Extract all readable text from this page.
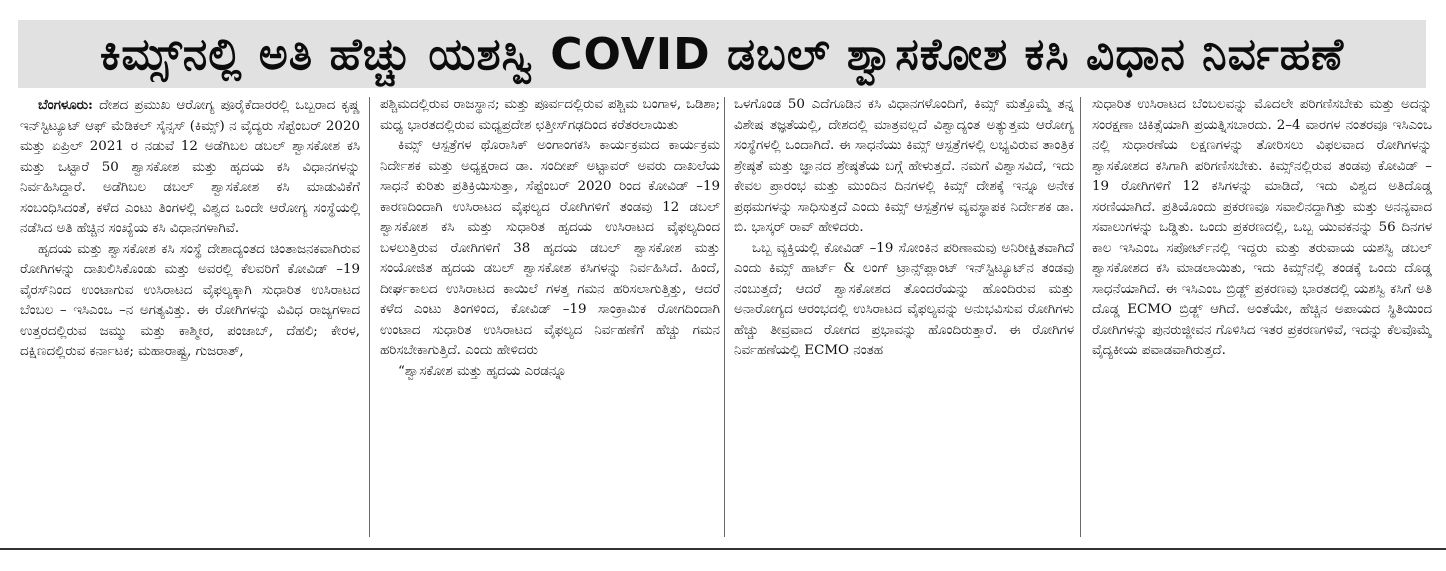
ಕಿಮ್ಸ್‌ನಲ್ಲಿ ಅತಿ ಹೆಚ್ಚು ಯಶಸ್ವಿ COVID ಡಬಲ್ ಶ್ವಾಸಕೋಶ ಕಸಿ ವಿಧಾನ ನಿರ್ವಹಣೆ

ಬೆಂಗಳೂರು: ದೇಶದ ಪ್ರಮುಖ ಆರೋಗ್ಯ ಪೂರೈಕೆದಾರರಲ್ಲಿ ಒಬ್ಬರಾದ ಕೃಷ್ಣ ಇನ್‌ಸ್ಟಿಟ್ಯೂಟ್ ಆಫ್ ಮೆಡಿಕಲ್ ಸೈನ್ಸಸ್ (ಕಿಮ್ಸ್) ನ ವೈದ್ಯರು ಸೆಪ್ಟೆಂಬರ್ 2020 ಮತ್ತು ಏಪ್ರಿಲ್ 2021 ರ ನಡುವೆ 12 ಅಡೆಗಿಬಲ ಡಬಲ್ ಶ್ವಾಸಕೋಶ ಕಸಿ ಮತ್ತು ಒಟ್ಟಾರೆ 50 ಶ್ವಾಸಕೋಶ ಮತ್ತು ಹೃದಯ ಕಸಿ ವಿಧಾನಗಳನ್ನು ನಿರ್ವಹಿಸಿದ್ದಾರೆ. ಅಡೆಗಿಬಲ ಡಬಲ್ ಶ್ವಾಸಕೋಶ ಕಸಿ ಮಾಡುವಿಕೆಗೆ ಸಂಬಂಧಿಸಿದಂತೆ, ಕಳೆದ ಎಂಟು ತಿಂಗಳಲ್ಲಿ ವಿಶ್ವದ ಒಂದೇ ಆರೋಗ್ಯ ಸಂಸ್ಥೆಯಲ್ಲಿ ನಡೆಸಿದ ಅತಿ ಹೆಚ್ಚಿನ ಸಂಖ್ಯೆಯ ಕಸಿ ವಿಧಾನಗಳಾಗಿವೆ.

ಹೃದಯ ಮತ್ತು ಶ್ವಾಸಕೋಶ ಕಸಿ ಸಂಸ್ಥೆ ದೇಶಾದ್ಯಂತದ ಚಿಂತಾಜನಕವಾಗಿರುವ ರೋಗಿಗಳನ್ನು ದಾಖಲಿಸಿಕೊಂಡು ಮತ್ತು ಅವರಲ್ಲಿ ಕೆಲವರಿಗೆ ಕೋವಿಡ್ –19 ವೈರಸ್‌ನಿಂದ ಉಂಟಾಗುವ ಉಸಿರಾಟದ ವೈಫಲ್ಯಕ್ಕಾಗಿ ಸುಧಾರಿತ ಉಸಿರಾಟದ ಬೆಂಬಲ – ಇಸಿಎಂಒ –ನ ಅಗತ್ಯವಿತ್ತು. ಈ ರೋಗಿಗಳನ್ನು ವಿವಿಧ ರಾಜ್ಯಗಳಾದ ಉತ್ತರದಲ್ಲಿರುವ ಜಮ್ಮು ಮತ್ತು ಕಾಶ್ಮೀರ, ಪಂಜಾಬ್, ದೆಹಲಿ; ಕೇರಳ, ದಕ್ಷಿಣದಲ್ಲಿರುವ ಕರ್ನಾಟಕ; ಮಹಾರಾಷ್ಟ್ರ, ಗುಜರಾತ್,

ಪಶ್ಚಿಮದಲ್ಲಿರುವ ರಾಜಸ್ಥಾನ; ಮತ್ತು ಪೂರ್ವದಲ್ಲಿರುವ ಪಶ್ಚಿಮ ಬಂಗಾಳ, ಒಡಿಶಾ; ಮಧ್ಯ ಭಾರತದಲ್ಲಿರುವ ಮಧ್ಯಪ್ರದೇಶ ಛತ್ತೀಸ್‌ಗಢದಿಂದ ಕರೆತರಲಾಯಿತು

ಕಿಮ್ಸ್ ಆಸ್ಪತ್ರೆಗಳ ಥೊರಾಸಿಕ್ ಅಂಗಾಂಗಕಸಿ ಕಾರ್ಯಕ್ರಮದ ಕಾರ್ಯಕ್ರಮ ನಿರ್ದೇಶಕ ಮತ್ತು ಅಧ್ಯಕ್ಷರಾದ ಡಾ. ಸಂದೀಪ್ ಅಟ್ಟಾವರ್ ಅವರು ದಾಖಲೆಯ ಸಾಧನೆ ಕುರಿತು ಪ್ರತಿಕ್ರಿಯಿಸುತ್ತಾ, ಸೆಪ್ಟೆಂಬರ್ 2020 ರಿಂದ ಕೋವಿಡ್ –19 ಕಾರಣದಿಂದಾಗಿ ಉಸಿರಾಟದ ವೈಫಲ್ಯದ ರೋಗಿಗಳಿಗೆ ತಂಡವು 12 ಡಬಲ್ ಶ್ವಾಸಕೋಶ ಕಸಿ ಮತ್ತು ಸುಧಾರಿತ ಹೃದಯ ಉಸಿರಾಟದ ವೈಫಲ್ಯದಿಂದ ಬಳಲುತ್ತಿರುವ ರೋಗಿಗಳಿಗೆ 38 ಹೃದಯ ಡಬಲ್ ಶ್ವಾಸಕೋಶ ಮತ್ತು ಸಂಯೋಜಿತ ಹೃದಯ ಡಬಲ್ ಶ್ವಾಸಕೋಶ ಕಸಿಗಳನ್ನು ನಿರ್ವಹಿಸಿದೆ. ಹಿಂದೆ, ದೀರ್ಘಕಾಲದ ಉಸಿರಾಟದ ಕಾಯಿಲೆ ಗಳತ್ತ ಗಮನ ಹರಿಸಲಾಗುತ್ತಿತ್ತು, ಆದರೆ ಕಳೆದ ಎಂಟು ತಿಂಗಳಿಂದ, ಕೋವಿಡ್ –19 ಸಾಂಕ್ರಾಮಿಕ ರೋಗದಿಂದಾಗಿ ಉಂಟಾದ ಸುಧಾರಿತ ಉಸಿರಾಟದ ವೈಫಲ್ಯದ ನಿರ್ವಹಣೆಗೆ ಹೆಚ್ಚು ಗಮನ ಹರಿಸಬೇಕಾಗುತ್ತಿದೆ. ಎಂದು ಹೇಳಿದರು

“ಶ್ವಾಸಕೋಶ ಮತ್ತು ಹೃದಯ ಎರಡನ್ನೂ

ಒಳಗೊಂಡ 50 ಎದೆಗೂಡಿನ ಕಸಿ ವಿಧಾನಗಳೊಂದಿಗೆ, ಕಿಮ್ಸ್ ಮತ್ತೊಮ್ಮೆ ತನ್ನ ವಿಶೇಷ ತಜ್ಞತೆಯಲ್ಲಿ, ದೇಶದಲ್ಲಿ ಮಾತ್ರವಲ್ಲದೆ ವಿಶ್ವಾದ್ಯಂತ ಅತ್ಯುತ್ತಮ ಆರೋಗ್ಯ ಸಂಸ್ಥೆಗಳಲ್ಲಿ ಒಂದಾಗಿದೆ. ಈ ಸಾಧನೆಯು ಕಿಮ್ಸ್ ಆಸ್ಪತ್ರೆಗಳಲ್ಲಿ ಲಭ್ಯವಿರುವ ತಾಂತ್ರಿಕ ಶ್ರೇಷ್ಠತೆ ಮತ್ತು ಜ್ಞಾನದ ಶ್ರೇಷ್ಠತೆಯ ಬಗ್ಗೆ ಹೇಳುತ್ತದೆ. ನಮಗೆ ವಿಶ್ವಾಸವಿದೆ, ಇದು ಕೇವಲ ಪ್ರಾರಂಭ ಮತ್ತು ಮುಂದಿನ ದಿನಗಳಲ್ಲಿ ಕಿಮ್ಸ್ ದೇಶಕ್ಕೆ ಇನ್ನೂ ಅನೇಕ ಪ್ರಥಮಗಳನ್ನು ಸಾಧಿಸುತ್ತದೆ ಎಂದು ಕಿಮ್ಸ್ ಆಸ್ಪತ್ರೆಗಳ ವ್ಯವಸ್ಥಾಪಕ ನಿರ್ದೇಶಕ ಡಾ. ಬಿ. ಭಾಸ್ಕರ್ ರಾವ್ ಹೇಳಿದರು.

ಒಬ್ಬ ವ್ಯಕ್ತಿಯಲ್ಲಿ ಕೋವಿಡ್ –19 ಸೋಂಕಿನ ಪರಿಣಾಮವು ಅನಿರೀಕ್ಷಿತವಾಗಿದೆ ಎಂದು ಕಿಮ್ಸ್ ಹಾರ್ಟ್ & ಲಂಗ್ ಟ್ರಾನ್ಸ್‌ಪ್ಲಾಂಟ್ ಇನ್‌ಸ್ಟಿಟ್ಯೂಟ್‌ನ ತಂಡವು ನಂಬುತ್ತದೆ; ಆದರೆ ಶ್ವಾಸಕೋಶದ ತೊಂದರೆಯನ್ನು ಹೊಂದಿರುವ ಮತ್ತು ಅನಾರೋಗ್ಯದ ಆರಂಭದಲ್ಲಿ ಉಸಿರಾಟದ ವೈಫಲ್ಯವನ್ನು ಅನುಭವಿಸುವ ರೋಗಿಗಳು ಹೆಚ್ಚು ತೀವ್ರವಾದ ರೋಗದ ಪ್ರಭಾವನ್ನು ಹೊಂದಿರುತ್ತಾರೆ. ಈ ರೋಗಿಗಳ ನಿರ್ವಹಣೆಯಲ್ಲಿ ECMO ನಂತಹ

ಸುಧಾರಿತ ಉಸಿರಾಟದ ಬೆಂಬಲವನ್ನು ಮೊದಲೇ ಪರಿಗಣಿಸಬೇಕು ಮತ್ತು ಅದನ್ನು ಸಂರಕ್ಷಣಾ ಚಿಕಿತ್ಸೆಯಾಗಿ ಪ್ರಯತ್ನಿಸಬಾರದು. 2–4 ವಾರಗಳ ನಂತರವೂ ಇಸಿಎಂಒ ನಲ್ಲಿ ಸುಧಾರಣೆಯ ಲಕ್ಷಣಗಳನ್ನು ತೋರಿಸಲು ವಿಫಲವಾದ ರೋಗಿಗಳನ್ನು ಶ್ವಾಸಕೋಶದ ಕಸಿಗಾಗಿ ಪರಿಗಣಿಸಬೇಕು. ಕಿಮ್ಸ್‌ನಲ್ಲಿರುವ ತಂಡವು ಕೋವಿಡ್ –19 ರೋಗಿಗಳಿಗೆ 12 ಕಸಿಗಳನ್ನು ಮಾಡಿದೆ, ಇದು ವಿಶ್ವದ ಅತಿದೊಡ್ಡ ಸರಣಿಯಾಗಿದೆ. ಪ್ರತಿಯೊಂದು ಪ್ರಕರಣವೂ ಸವಾಲಿನದ್ದಾಗಿತ್ತು ಮತ್ತು ಅನನ್ಯವಾದ ಸವಾಲುಗಳನ್ನು ಒಡ್ಡಿತು. ಒಂದು ಪ್ರಕರಣದಲ್ಲಿ, ಒಬ್ಬ ಯುವಕನನ್ನು 56 ದಿನಗಳ ಕಾಲ ಇಸಿಎಂಒ ಸಪೋರ್ಟ್‌ನಲ್ಲಿ ಇದ್ದರು ಮತ್ತು ತರುವಾಯ ಯಶಸ್ವಿ ಡಬಲ್ ಶ್ವಾಸಕೋಶದ ಕಸಿ ಮಾಡಲಾಯಿತು, ಇದು ಕಿಮ್ಸ್‌ನಲ್ಲಿ ತಂಡಕ್ಕೆ ಒಂದು ದೊಡ್ಡ ಸಾಧನೆಯಾಗಿದೆ. ಈ ಇಸಿಎಂಒ ಬ್ರಿಡ್ಜ್ ಪ್ರಕರಣವು ಭಾರತದಲ್ಲಿ ಯಶಸ್ವಿ ಕಸಿಗೆ ಅತಿ ದೊಡ್ಡ ECMO ಬ್ರಿಡ್ಜ್ ಆಗಿದೆ. ಅಂತೆಯೇ, ಹೆಚ್ಚಿನ ಅಪಾಯದ ಸ್ಥಿತಿಯಿಂದ ರೋಗಿಗಳನ್ನು ಪುನರುಜ್ಜೀವನ ಗೊಳಿಸಿದ ಇತರ ಪ್ರಕರಣಗಳಿವೆ, ಇದನ್ನು ಕೆಲವೊಮ್ಮೆ ವೈದ್ಯಕೀಯ ಪವಾಡವಾಗಿರುತ್ತದೆ.
